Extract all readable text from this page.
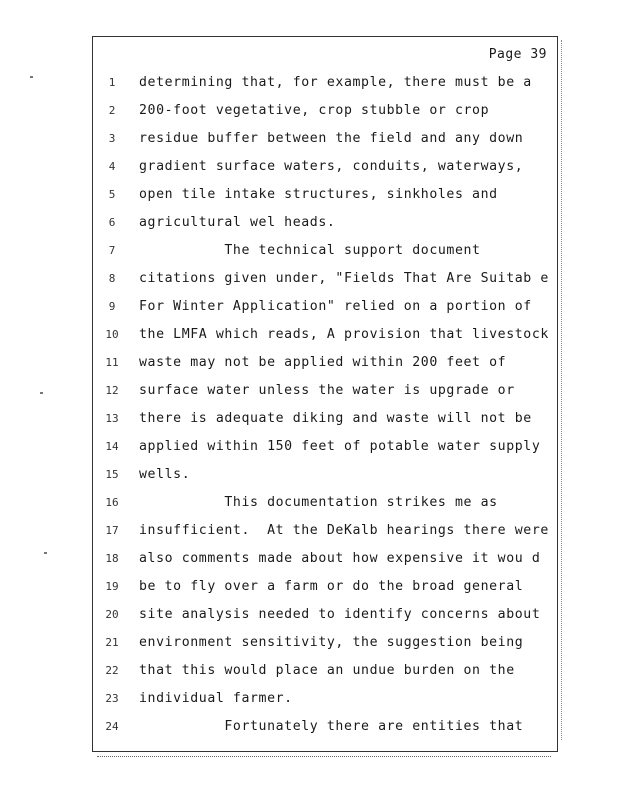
Page 39
1	determining that, for example, there must be a
2	200-foot vegetative, crop stubble or crop
3	residue buffer between the field and any down
4	gradient surface waters, conduits, waterways,
5	open tile intake structures, sinkholes and
6	agricultural wel heads.
7	The technical support document
8	citations given under, "Fields That Are Suitab e
9	For Winter Application" relied on a portion of
10	the LMFA which reads, A provision that livestock
11	waste may not be applied within 200 feet of
12	surface water unless the water is upgrade or
13	there is adequate diking and waste will not be
14	applied within 150 feet of potable water supply
15	wells.
16	This documentation strikes me as
17	insufficient.  At the DeKalb hearings there were
18	also comments made about how expensive it wou d
19	be to fly over a farm or do the broad general
20	site analysis needed to identify concerns about
21	environment sensitivity, the suggestion being
22	that this would place an undue burden on the
23	individual farmer.
24	Fortunately there are entities that
